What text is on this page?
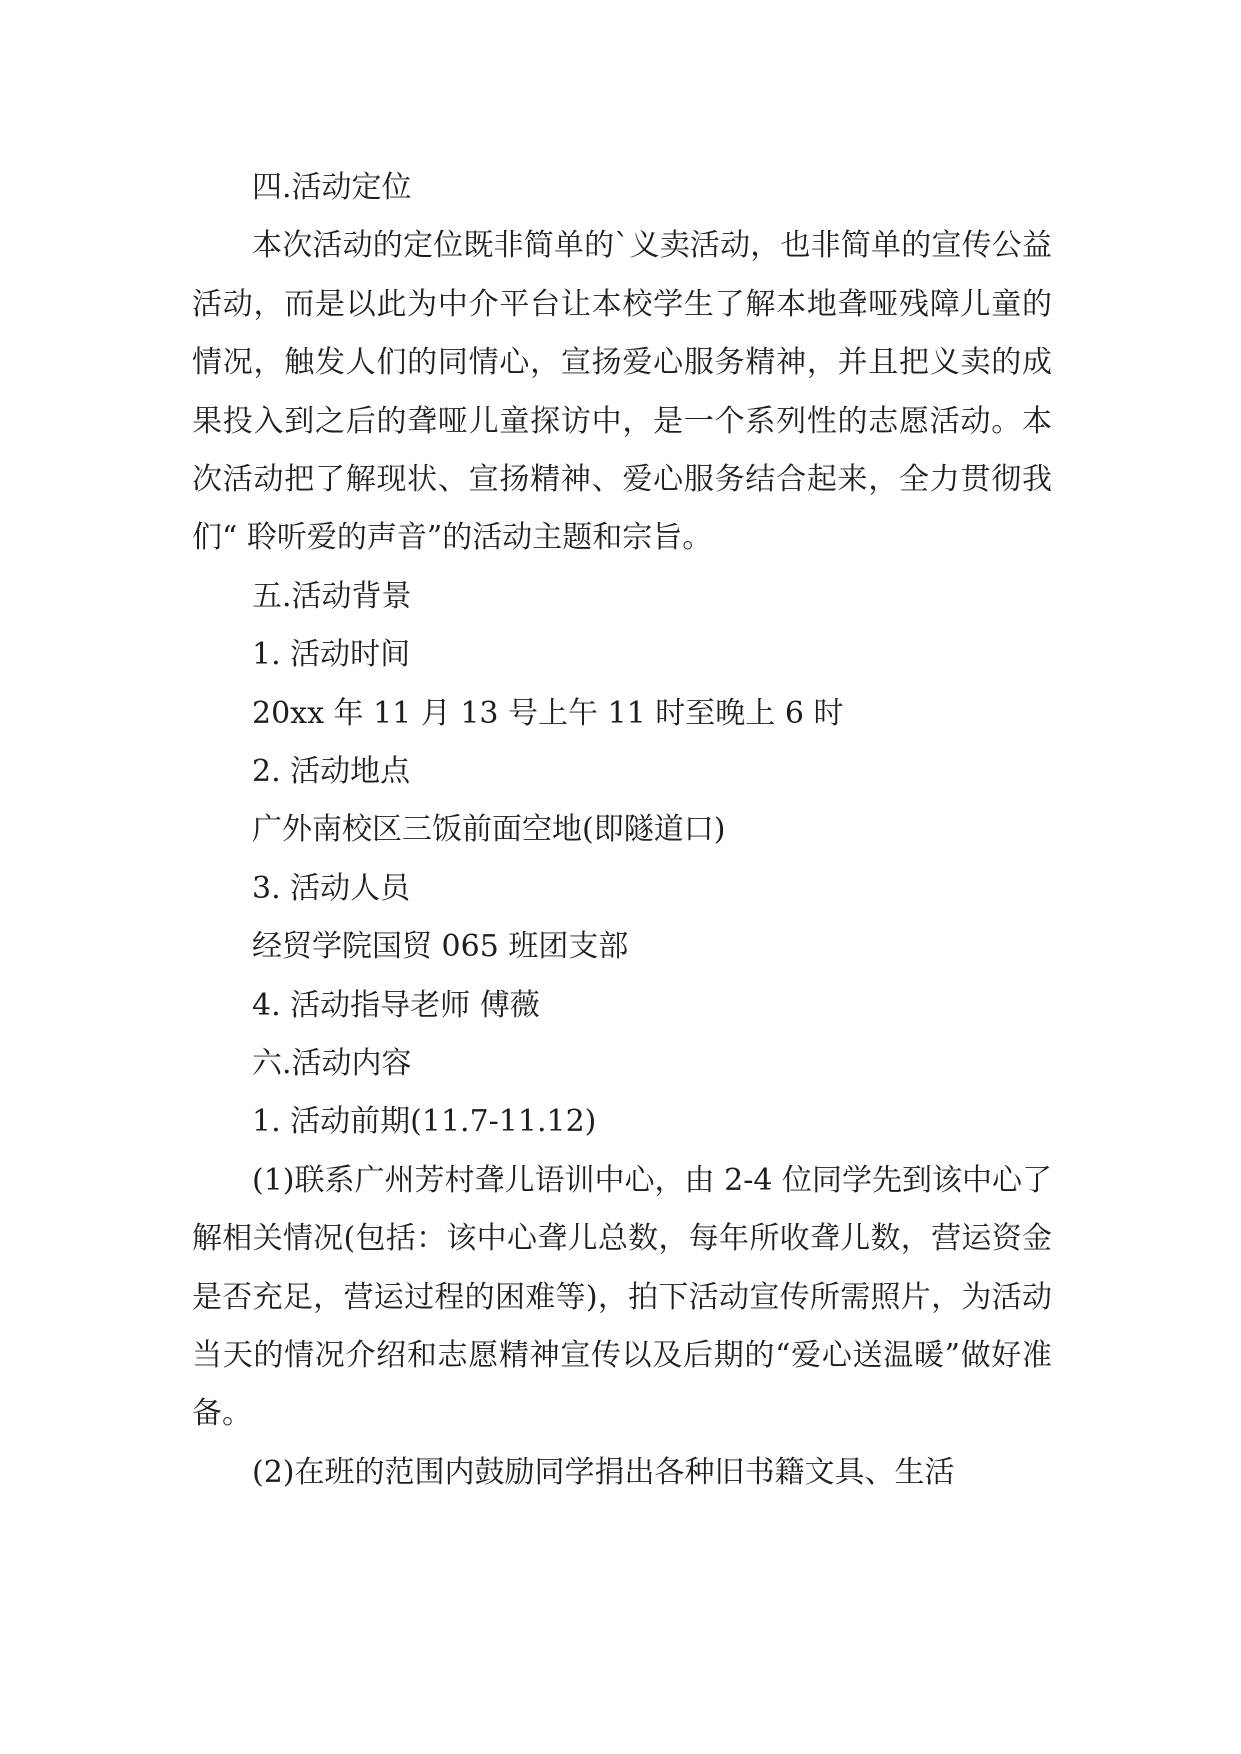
四.活动定位

本次活动的定位既非简单的`义卖活动，也非简单的宣传公益活动，而是以此为中介平台让本校学生了解本地聋哑残障儿童的情况，触发人们的同情心，宣扬爱心服务精神，并且把义卖的成果投入到之后的聋哑儿童探访中，是一个系列性的志愿活动。本次活动把了解现状、宣扬精神、爱心服务结合起来，全力贯彻我们“ 聆听爱的声音”的活动主题和宗旨。

五.活动背景
1. 活动时间
20xx 年 11 月 13 号上午 11 时至晚上 6 时
2. 活动地点
广外南校区三饭前面空地(即隧道口)
3. 活动人员
经贸学院国贸 065 班团支部
4. 活动指导老师 傅薇
六.活动内容
1. 活动前期(11.7-11.12)

(1)联系广州芳村聋儿语训中心，由 2-4 位同学先到该中心了解相关情况(包括：该中心聋儿总数，每年所收聋儿数，营运资金是否充足，营运过程的困难等)，拍下活动宣传所需照片，为活动当天的情况介绍和志愿精神宣传以及后期的“爱心送温暖”做好准备。

(2)在班的范围内鼓励同学捐出各种旧书籍文具、生活
